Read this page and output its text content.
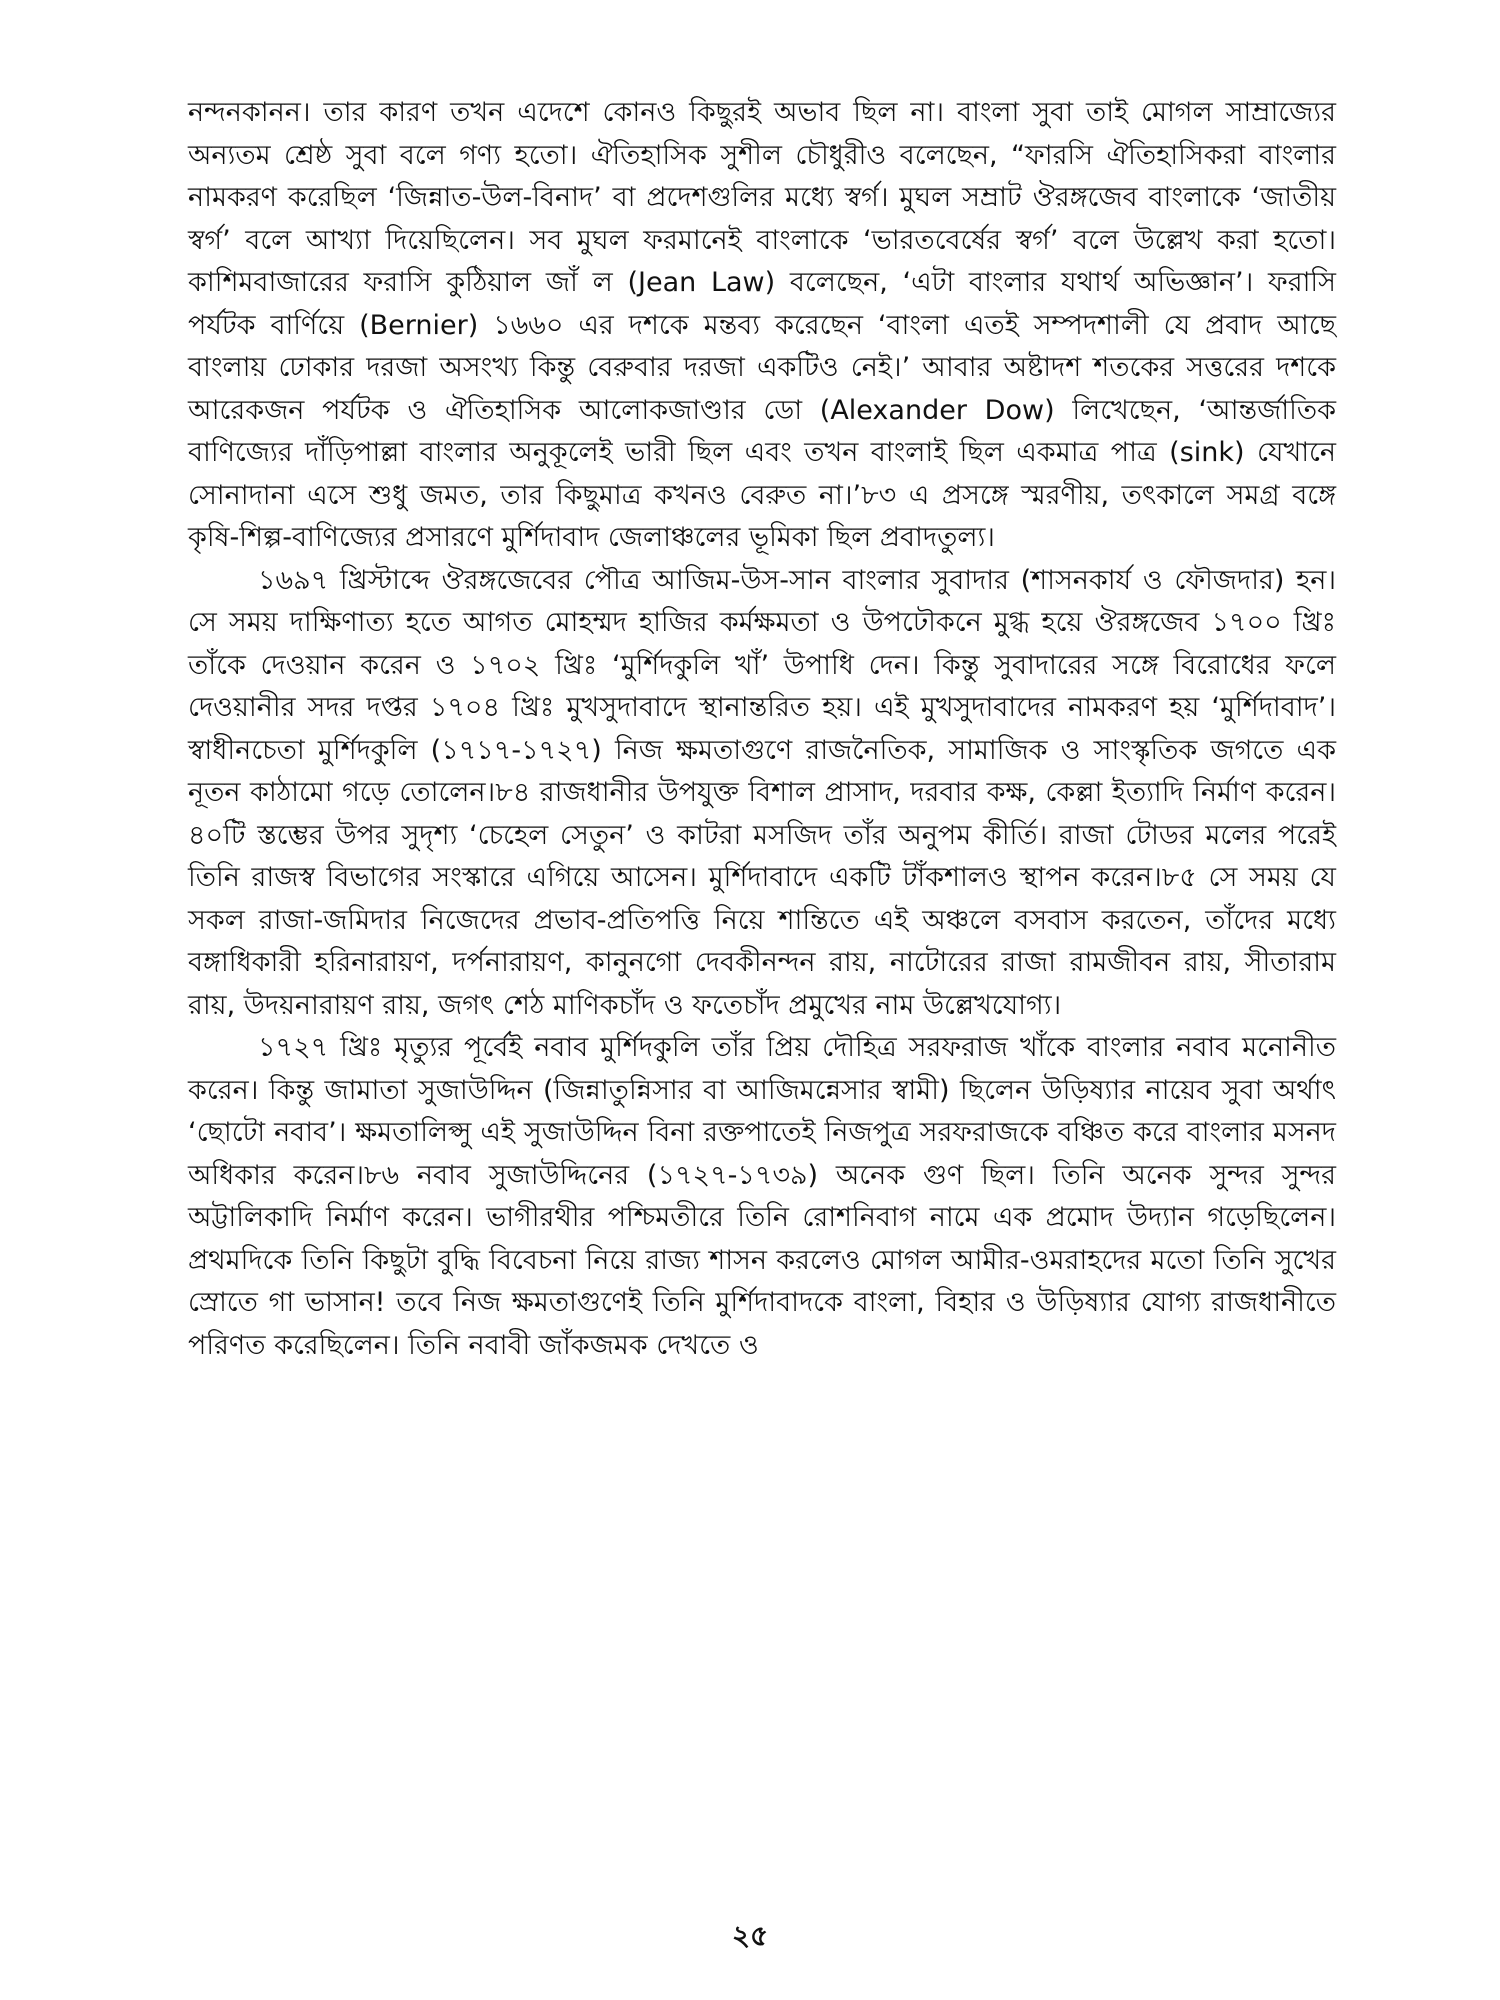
নন্দনকানন। তার কারণ তখন এদেশে কোনও কিছুরই অভাব ছিল না। বাংলা সুবা তাই মোগল সাম্রাজ্যের অন্যতম শ্রেষ্ঠ সুবা বলে গণ্য হতো। ঐতিহাসিক সুশীল চৌধুরীও বলেছেন, “ফারসি ঐতিহাসিকরা বাংলার নামকরণ করেছিল ‘জিন্নাত-উল-বিনাদ’ বা প্রদেশগুলির মধ্যে স্বর্গ। মুঘল সম্রাট ঔরঙ্গজেব বাংলাকে ‘জাতীয় স্বর্গ’ বলে আখ্যা দিয়েছিলেন। সব মুঘল ফরমানেই বাংলাকে ‘ভারতবের্ষের স্বর্গ’ বলে উল্লেখ করা হতো। কাশিমবাজারের ফরাসি কুঠিয়াল জাঁ ল (Jean Law) বলেছেন, ‘এটা বাংলার যথার্থ অভিজ্ঞান’। ফরাসি পর্যটক বার্ণিয়ে (Bernier) ১৬৬০ এর দশকে মন্তব্য করেছেন ‘বাংলা এতই সম্পদশালী যে প্রবাদ আছে বাংলায় ঢোকার দরজা অসংখ্য কিন্তু বেরুবার দরজা একটিও নেই।’ আবার অষ্টাদশ শতকের সত্তরের দশকে আরেকজন পর্যটক ও ঐতিহাসিক আলোকজাণ্ডার ডো (Alexander Dow) লিখেছেন, ‘আন্তর্জাতিক বাণিজ্যের দাঁড়িপাল্লা বাংলার অনুকূলেই ভারী ছিল এবং তখন বাংলাই ছিল একমাত্র পাত্র (sink) যেখানে সোনাদানা এসে শুধু জমত, তার কিছুমাত্র কখনও বেরুত না।’৮৩ এ প্রসঙ্গে স্মরণীয়, তৎকালে সমগ্র বঙ্গে কৃষি-শিল্প-বাণিজ্যের প্রসারণে মুর্শিদাবাদ জেলাঞ্চলের ভূমিকা ছিল প্রবাদতুল্য।

১৬৯৭ খ্রিস্টাব্দে ঔরঙ্গজেবের পৌত্র আজিম-উস-সান বাংলার সুবাদার (শাসনকার্য ও ফৌজদার) হন। সে সময় দাক্ষিণাত্য হতে আগত মোহম্মদ হাজির কর্মক্ষমতা ও উপঢৌকনে মুগ্ধ হয়ে ঔরঙ্গজেব ১৭০০ খ্রিঃ তাঁকে দেওয়ান করেন ও ১৭০২ খ্রিঃ ‘মুর্শিদকুলি খাঁ’ উপাধি দেন। কিন্তু সুবাদারের সঙ্গে বিরোধের ফলে দেওয়ানীর সদর দপ্তর ১৭০৪ খ্রিঃ মুখসুদাবাদে স্থানান্তরিত হয়। এই মুখসুদাবাদের নামকরণ হয় ‘মুর্শিদাবাদ’। স্বাধীনচেতা মুর্শিদকুলি (১৭১৭-১৭২৭) নিজ ক্ষমতাগুণে রাজনৈতিক, সামাজিক ও সাংস্কৃতিক জগতে এক নূতন কাঠামো গড়ে তোলেন।৮৪ রাজধানীর উপযুক্ত বিশাল প্রাসাদ, দরবার কক্ষ, কেল্লা ইত্যাদি নির্মাণ করেন। ৪০টি স্তম্ভের উপর সুদৃশ্য ‘চেহেল সেতুন’ ও কাটরা মসজিদ তাঁর অনুপম কীর্তি। রাজা টোডর মলের পরেই তিনি রাজস্ব বিভাগের সংস্কারে এগিয়ে আসেন। মুর্শিদাবাদে একটি টাঁকশালও স্থাপন করেন।৮৫ সে সময় যে সকল রাজা-জমিদার নিজেদের প্রভাব-প্রতিপত্তি নিয়ে শান্তিতে এই অঞ্চলে বসবাস করতেন, তাঁদের মধ্যে বঙ্গাধিকারী হরিনারায়ণ, দর্পনারায়ণ, কানুনগো দেবকীনন্দন রায়, নাটোরের রাজা রামজীবন রায়, সীতারাম রায়, উদয়নারায়ণ রায়, জগৎ শেঠ মাণিকচাঁদ ও ফতেচাঁদ প্রমুখের নাম উল্লেখযোগ্য।

১৭২৭ খ্রিঃ মৃত্যুর পূর্বেই নবাব মুর্শিদকুলি তাঁর প্রিয় দৌহিত্র সরফরাজ খাঁকে বাংলার নবাব মনোনীত করেন। কিন্তু জামাতা সুজাউদ্দিন (জিন্নাতুন্নিসার বা আজিমন্নেসার স্বামী) ছিলেন উড়িষ্যার নায়েব সুবা অর্থাৎ ‘ছোটো নবাব’। ক্ষমতালিপ্সু এই সুজাউদ্দিন বিনা রক্তপাতেই নিজপুত্র সরফরাজকে বঞ্চিত করে বাংলার মসনদ অধিকার করেন।৮৬ নবাব সুজাউদ্দিনের (১৭২৭-১৭৩৯) অনেক গুণ ছিল। তিনি অনেক সুন্দর সুন্দর অট্টালিকাদি নির্মাণ করেন। ভাগীরথীর পশ্চিমতীরে তিনি রোশনিবাগ নামে এক প্রমোদ উদ্যান গড়েছিলেন। প্রথমদিকে তিনি কিছুটা বুদ্ধি বিবেচনা নিয়ে রাজ্য শাসন করলেও মোগল আমীর-ওমরাহদের মতো তিনি সুখের স্রোতে গা ভাসান! তবে নিজ ক্ষমতাগুণেই তিনি মুর্শিদাবাদকে বাংলা, বিহার ও উড়িষ্যার যোগ্য রাজধানীতে পরিণত করেছিলেন। তিনি নবাবী জাঁকজমক দেখতে ও

২৫
